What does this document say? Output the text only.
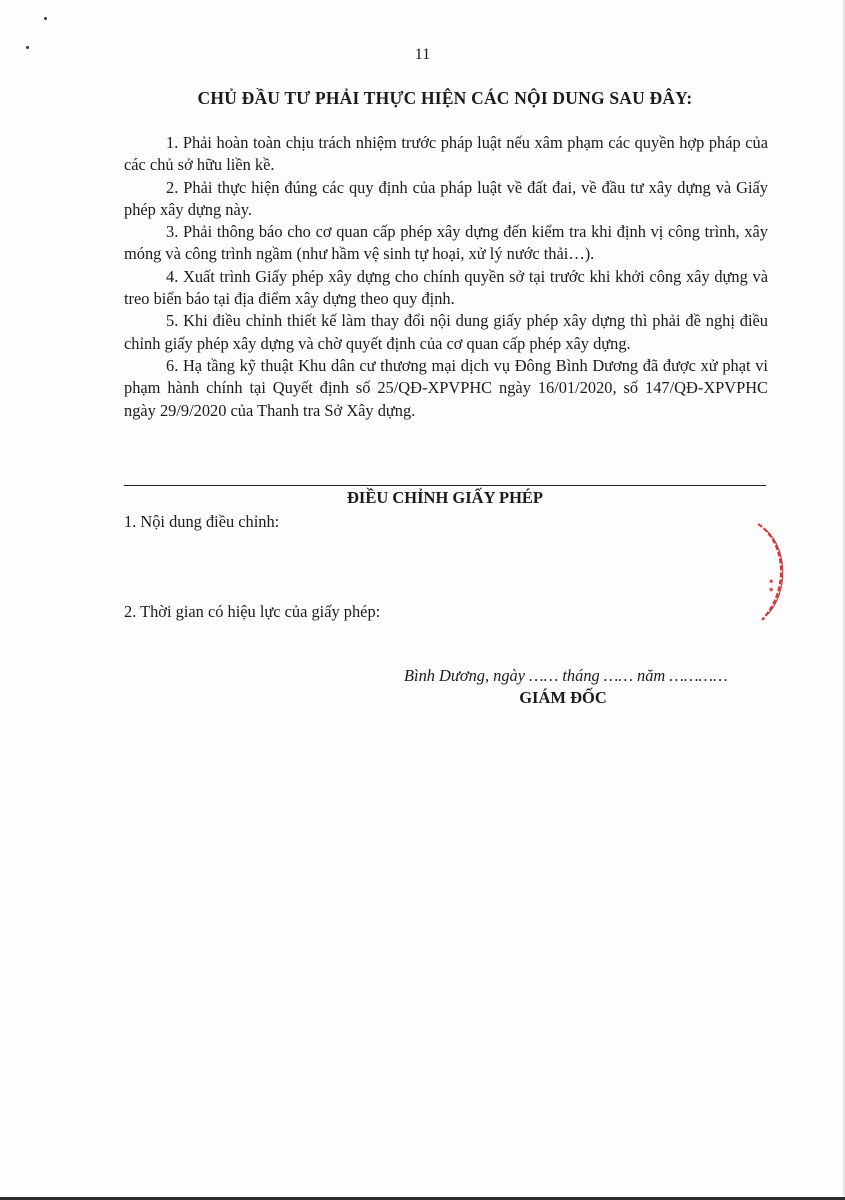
11
CHỦ ĐẦU TƯ PHẢI THỰC HIỆN CÁC NỘI DUNG SAU ĐÂY:

1. Phải hoàn toàn chịu trách nhiệm trước pháp luật nếu xâm phạm các quyền hợp pháp của các chủ sở hữu liền kề.

2. Phải thực hiện đúng các quy định của pháp luật về đất đai, về đầu tư xây dựng và Giấy phép xây dựng này.

3. Phải thông báo cho cơ quan cấp phép xây dựng đến kiểm tra khi định vị công trình, xây móng và công trình ngầm (như hầm vệ sinh tự hoại, xử lý nước thải…).

4. Xuất trình Giấy phép xây dựng cho chính quyền sở tại trước khi khởi công xây dựng và treo biển báo tại địa điểm xây dựng theo quy định.

5. Khi điều chỉnh thiết kế làm thay đổi nội dung giấy phép xây dựng thì phải đề nghị điều chỉnh giấy phép xây dựng và chờ quyết định của cơ quan cấp phép xây dựng.

6. Hạ tầng kỹ thuật Khu dân cư thương mại dịch vụ Đông Bình Dương đã được xử phạt vi phạm hành chính tại Quyết định số 25/QĐ-XPVPHC ngày 16/01/2020, số 147/QĐ-XPVPHC ngày 29/9/2020 của Thanh tra Sở Xây dựng.

ĐIỀU CHỈNH GIẤY PHÉP
1. Nội dung điều chỉnh:
2. Thời gian có hiệu lực của giấy phép:
Bình Dương, ngày …… tháng …… năm …………
GIÁM ĐỐC
★ ★
